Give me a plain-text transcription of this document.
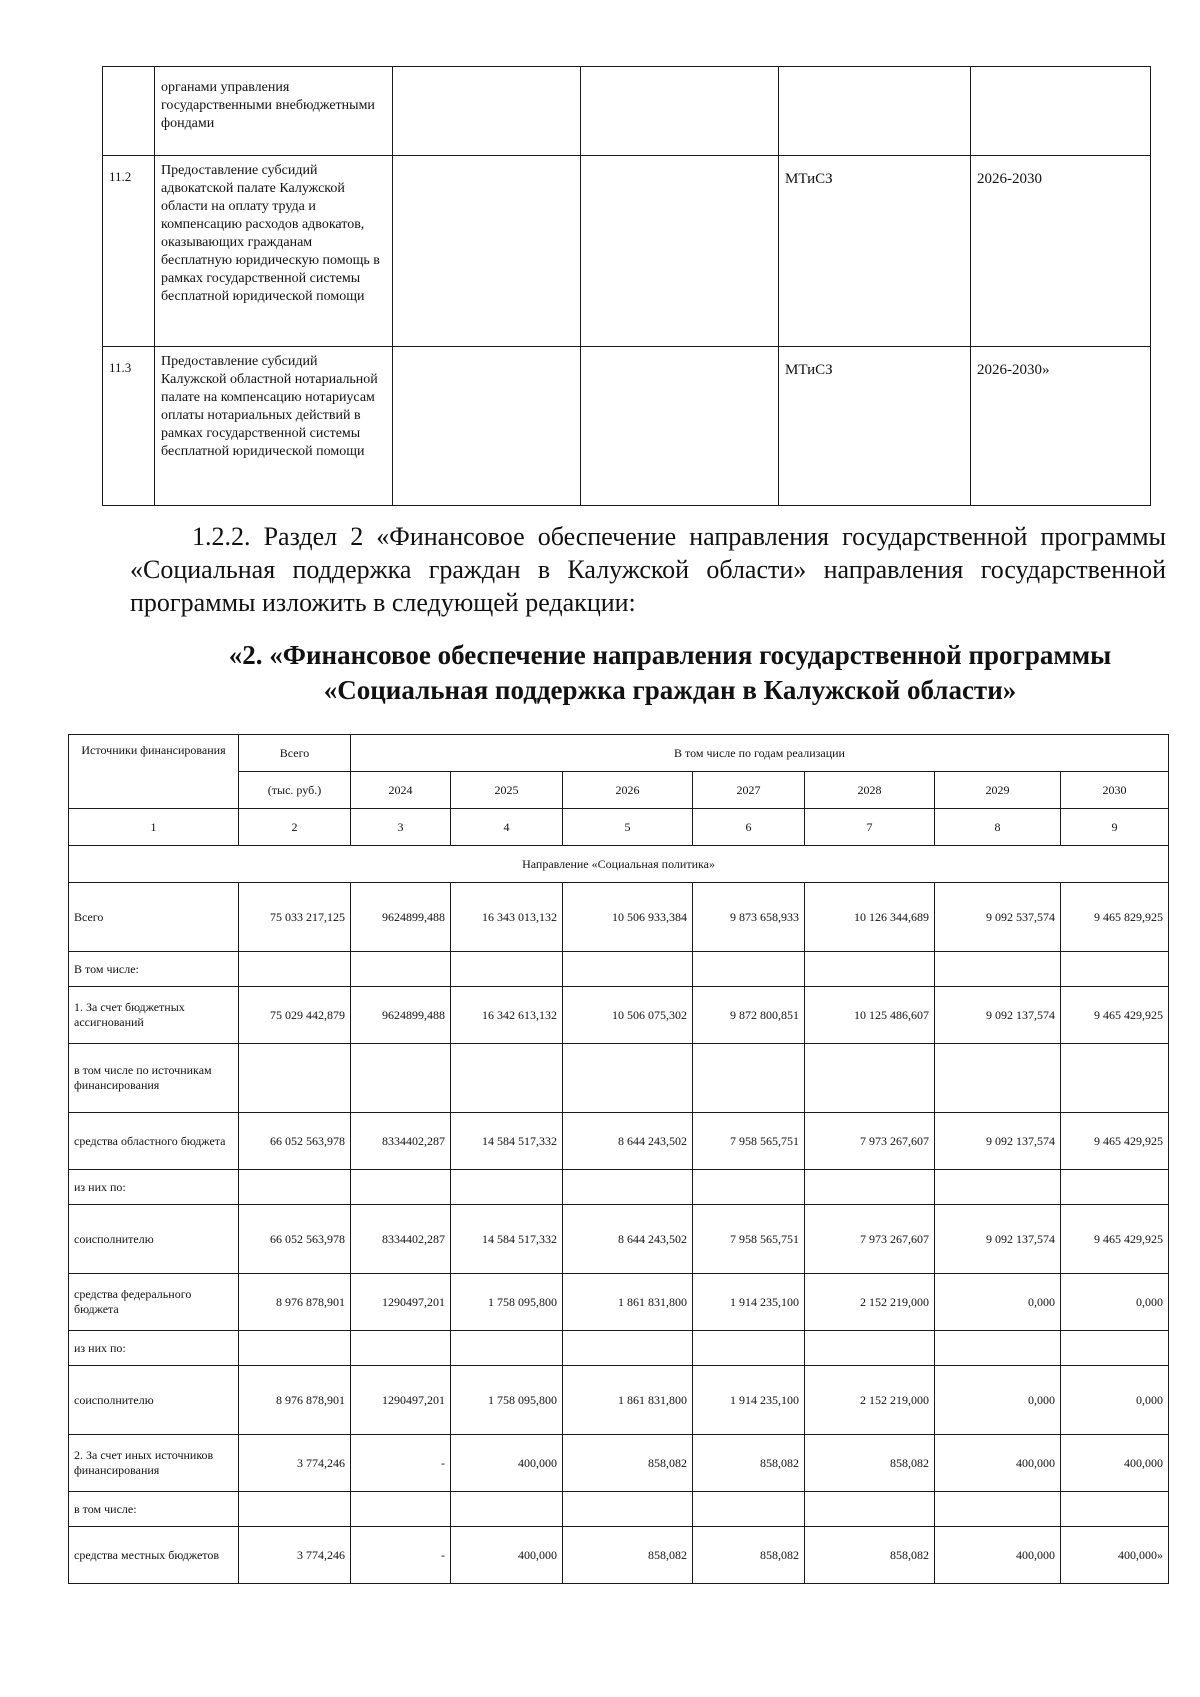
	органами управления государственными внебюджетными фондами				
11.2	Предоставление субсидий адвокатской палате Калужской области на оплату труда и компенсацию расходов адвокатов, оказывающих гражданам бесплатную юридическую помощь в рамках государственной системы бесплатной юридической помощи			МТиСЗ	2026-2030
11.3	Предоставление субсидий Калужской областной нотариальной палате на компенсацию нотариусам оплаты нотариальных действий в рамках государственной системы бесплатной юридической помощи			МТиСЗ	2026-2030»

1.2.2. Раздел 2 «Финансовое обеспечение направления государственной программы «Социальная поддержка граждан в Калужской области» направления государственной программы изложить в следующей редакции:

«2. «Финансовое обеспечение направления государственной программы
«Социальная поддержка граждан в Калужской области»
Источники финансирования	Всего	В том числе по годам реализации						
	(тыс. руб.)	2024	2025	2026	2027	2028	2029	2030
1	2	3	4	5	6	7	8	9
Направление «Социальная политика»								
Всего	75 033 217,125	9624899,488	16 343 013,132	10 506 933,384	9 873 658,933	10 126 344,689	9 092 537,574	9 465 829,925
В том числе:								
1. За счет бюджетных ассигнований	75 029 442,879	9624899,488	16 342 613,132	10 506 075,302	9 872 800,851	10 125 486,607	9 092 137,574	9 465 429,925
в том числе по источникам финансирования								
средства областного бюджета	66 052 563,978	8334402,287	14 584 517,332	8 644 243,502	7 958 565,751	7 973 267,607	9 092 137,574	9 465 429,925
из них по:								
соисполнителю	66 052 563,978	8334402,287	14 584 517,332	8 644 243,502	7 958 565,751	7 973 267,607	9 092 137,574	9 465 429,925
средства федерального бюджета	8 976 878,901	1290497,201	1 758 095,800	1 861 831,800	1 914 235,100	2 152 219,000	0,000	0,000
из них по:								
соисполнителю	8 976 878,901	1290497,201	1 758 095,800	1 861 831,800	1 914 235,100	2 152 219,000	0,000	0,000
2. За счет иных источников финансирования	3 774,246	-	400,000	858,082	858,082	858,082	400,000	400,000
в том числе:								
средства местных бюджетов	3 774,246	-	400,000	858,082	858,082	858,082	400,000	400,000»
